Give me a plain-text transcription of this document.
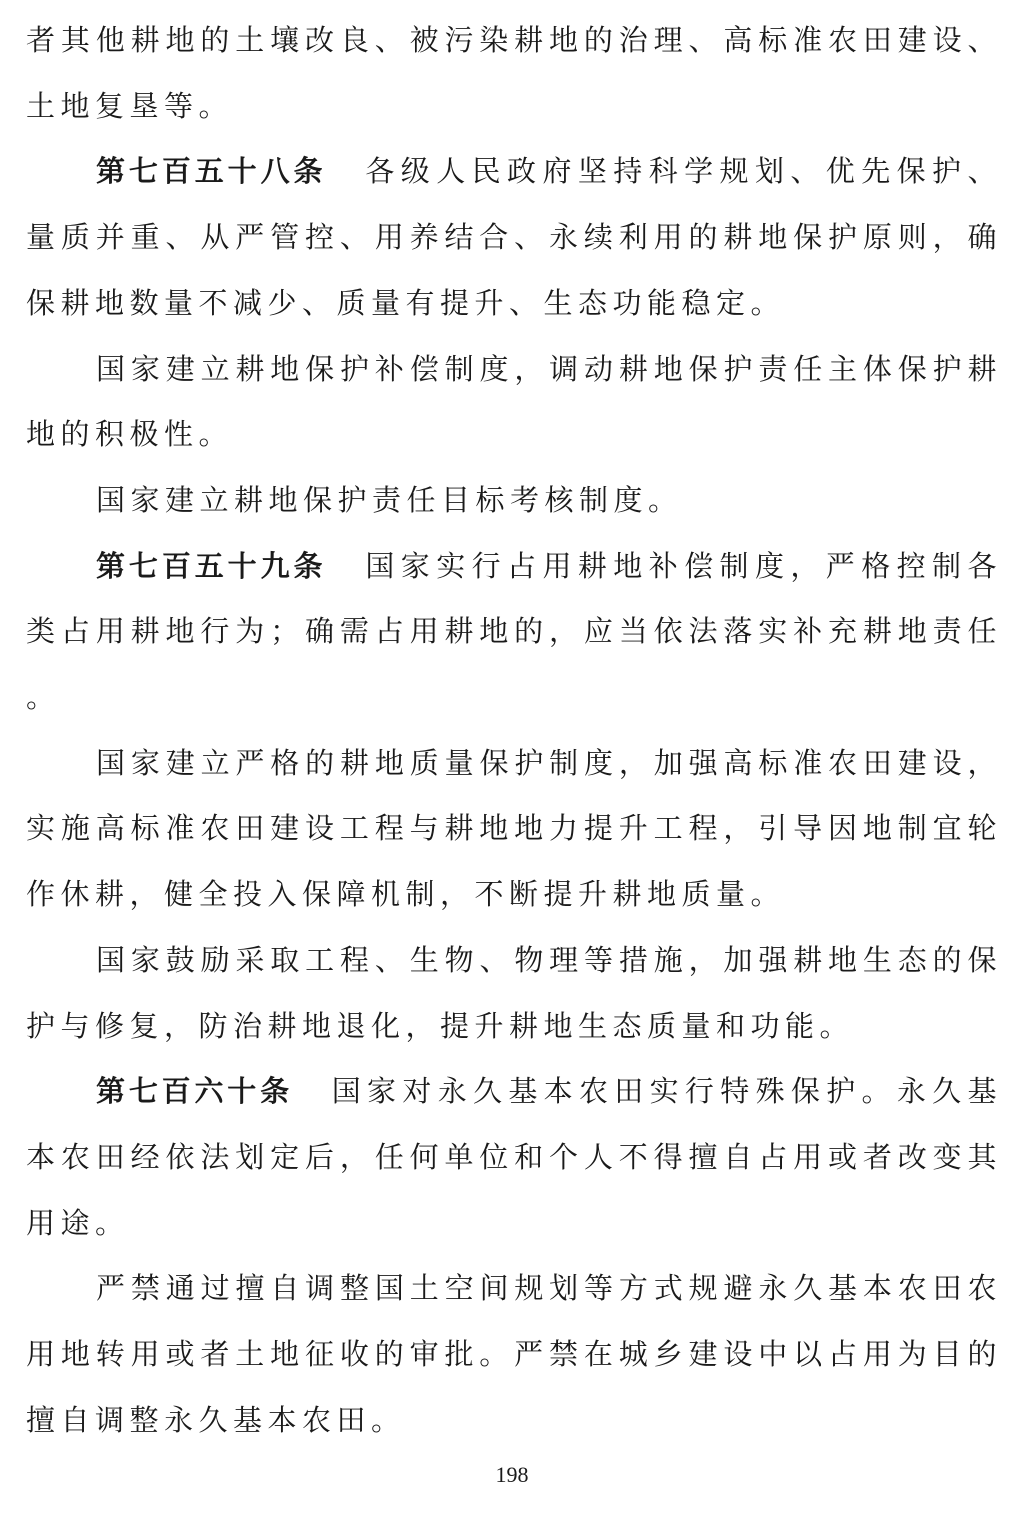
者其他耕地的土壤改良、被污染耕地的治理、高标准农田建设、土地复垦等。

第七百五十八条 各级人民政府坚持科学规划、优先保护、量质并重、从严管控、用养结合、永续利用的耕地保护原则，确保耕地数量不减少、质量有提升、生态功能稳定。

国家建立耕地保护补偿制度，调动耕地保护责任主体保护耕地的积极性。

国家建立耕地保护责任目标考核制度。

第七百五十九条 国家实行占用耕地补偿制度，严格控制各类占用耕地行为；确需占用耕地的，应当依法落实补充耕地责任。

国家建立严格的耕地质量保护制度，加强高标准农田建设，实施高标准农田建设工程与耕地地力提升工程，引导因地制宜轮作休耕，健全投入保障机制，不断提升耕地质量。

国家鼓励采取工程、生物、物理等措施，加强耕地生态的保护与修复，防治耕地退化，提升耕地生态质量和功能。

第七百六十条 国家对永久基本农田实行特殊保护。永久基本农田经依法划定后，任何单位和个人不得擅自占用或者改变其用途。

严禁通过擅自调整国土空间规划等方式规避永久基本农田农用地转用或者土地征收的审批。严禁在城乡建设中以占用为目的擅自调整永久基本农田。

198
